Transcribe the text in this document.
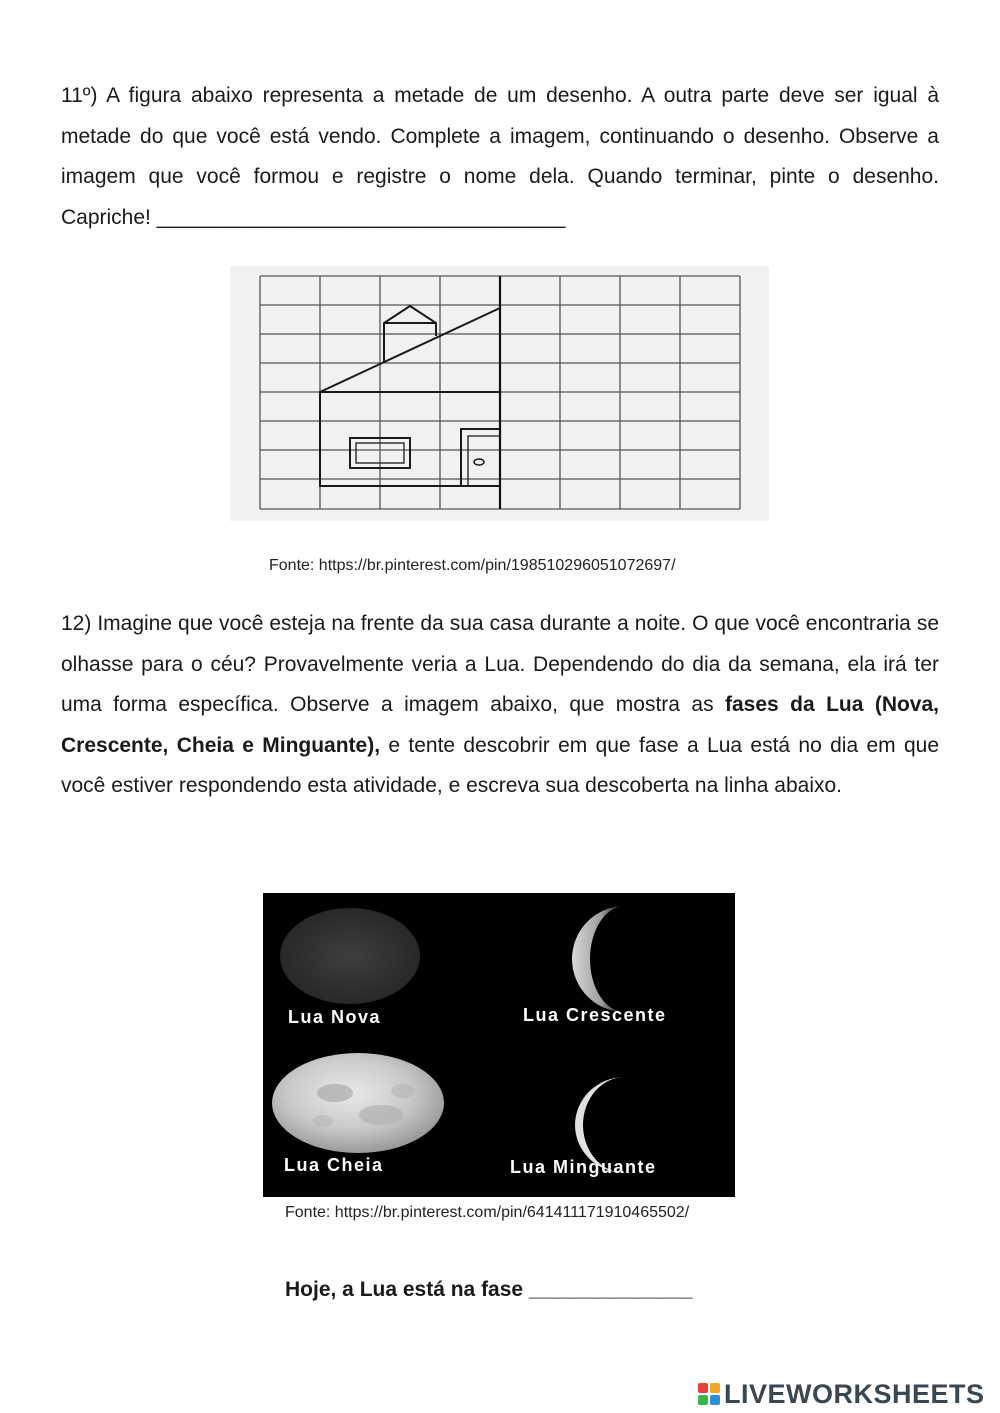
11º) A figura abaixo representa a metade de um desenho. A outra parte deve ser igual à metade do que você está vendo. Complete a imagem, continuando o desenho. Observe a imagem que você formou e registre o nome dela. Quando terminar, pinte o desenho. Capriche! ___________________________________

Fonte: https://br.pinterest.com/pin/198510296051072697/

12) Imagine que você esteja na frente da sua casa durante a noite. O que você encontraria se olhasse para o céu? Provavelmente veria a Lua. Dependendo do dia da semana, ela irá ter uma forma específica. Observe a imagem abaixo, que mostra as fases da Lua (Nova, Crescente, Cheia e Minguante), e tente descobrir em que fase a Lua está no dia em que você estiver respondendo esta atividade, e escreva sua descoberta na linha abaixo.

Lua Nova	Lua Crescente

Lua Cheia	Lua Minguante

Fonte: https://br.pinterest.com/pin/641411171910465502/

Hoje, a Lua está na fase ______________

LIVEWORKSHEETS
